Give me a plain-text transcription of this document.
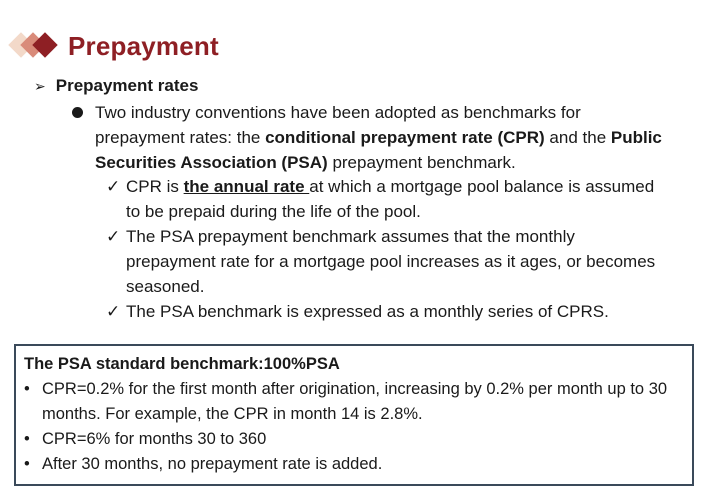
Prepayment
➢ Prepayment rates
Two industry conventions have been adopted as benchmarks for prepayment rates: the conditional prepayment rate (CPR) and the Public Securities Association (PSA) prepayment benchmark.
✓ CPR is the annual rate at which a mortgage pool balance is assumed to be prepaid during the life of the pool.
✓ The PSA prepayment benchmark assumes that the monthly prepayment rate for a mortgage pool increases as it ages, or becomes seasoned.
✓ The PSA benchmark is expressed as a monthly series of CPRS.
The PSA standard benchmark:100%PSA
• CPR=0.2% for the first month after origination, increasing by 0.2% per month up to 30 months. For example, the CPR in month 14 is 2.8%.
• CPR=6% for months 30 to 360
• After 30 months, no prepayment rate is added.
